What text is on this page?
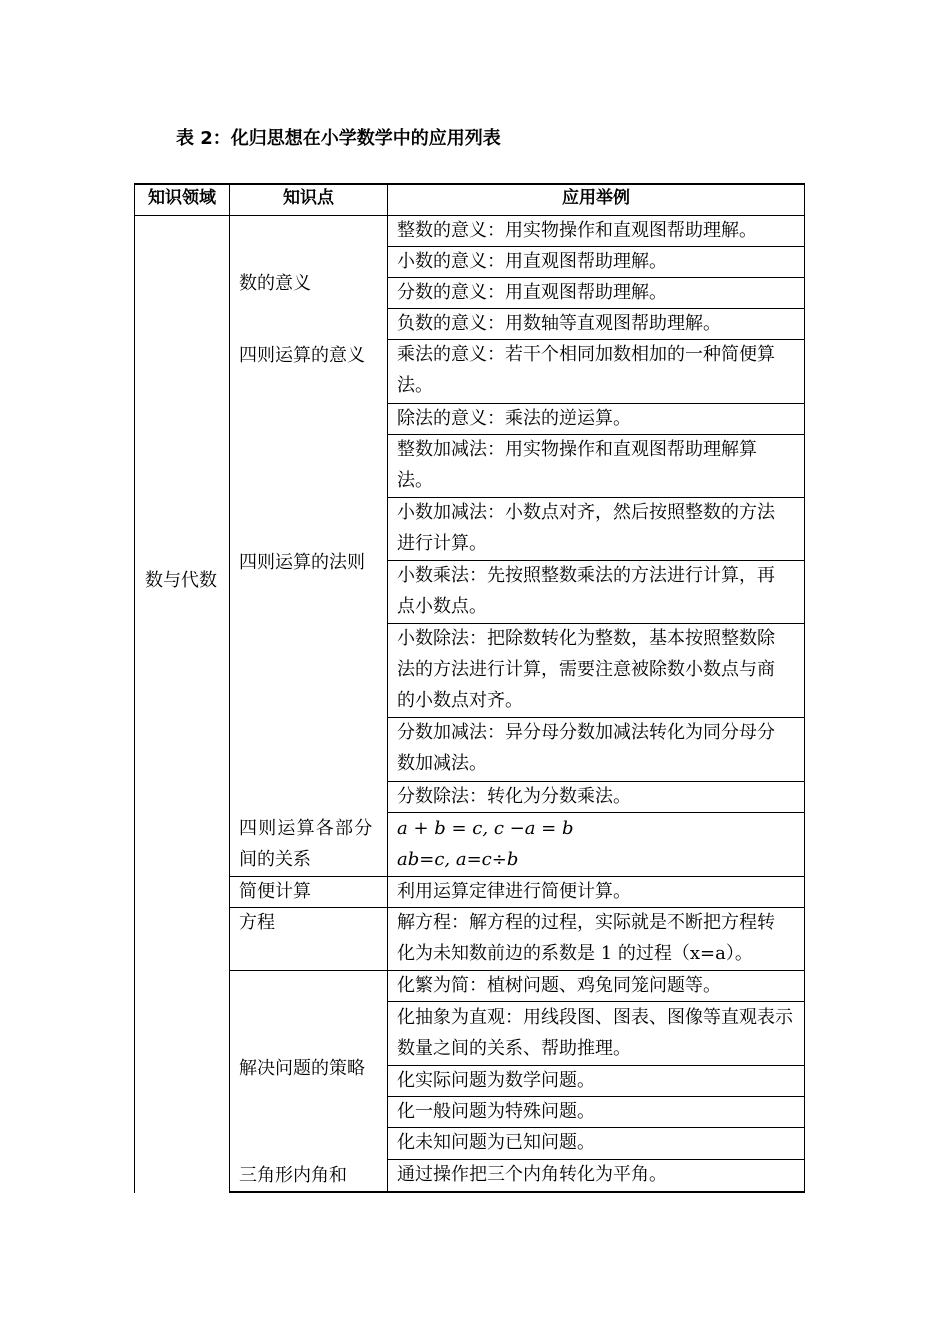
表 2：化归思想在小学数学中的应用列表
知识领域	知识点	应用举例
数与代数
数的意义
四则运算的意义
四则运算的法则
四则运算各部分
间的关系
简便计算
方程
解决问题的策略
三角形内角和
整数的意义：用实物操作和直观图帮助理解。
小数的意义：用直观图帮助理解。
分数的意义：用直观图帮助理解。
负数的意义：用数轴等直观图帮助理解。
乘法的意义：若干个相同加数相加的一种简便算
法。
除法的意义：乘法的逆运算。
整数加减法：用实物操作和直观图帮助理解算
法。
小数加减法：小数点对齐，然后按照整数的方法
进行计算。
小数乘法：先按照整数乘法的方法进行计算，再
点小数点。
小数除法：把除数转化为整数，基本按照整数除
法的方法进行计算，需要注意被除数小数点与商
的小数点对齐。
分数加减法：异分母分数加减法转化为同分母分
数加减法。
分数除法：转化为分数乘法。
a + b = c, c −a = b
ab=c, a=c÷b
利用运算定律进行简便计算。
解方程：解方程的过程，实际就是不断把方程转
化为未知数前边的系数是 1 的过程（x=a）。
化繁为简：植树问题、鸡兔同笼问题等。
化抽象为直观：用线段图、图表、图像等直观表示
数量之间的关系、帮助推理。
化实际问题为数学问题。
化一般问题为特殊问题。
化未知问题为已知问题。
通过操作把三个内角转化为平角。
